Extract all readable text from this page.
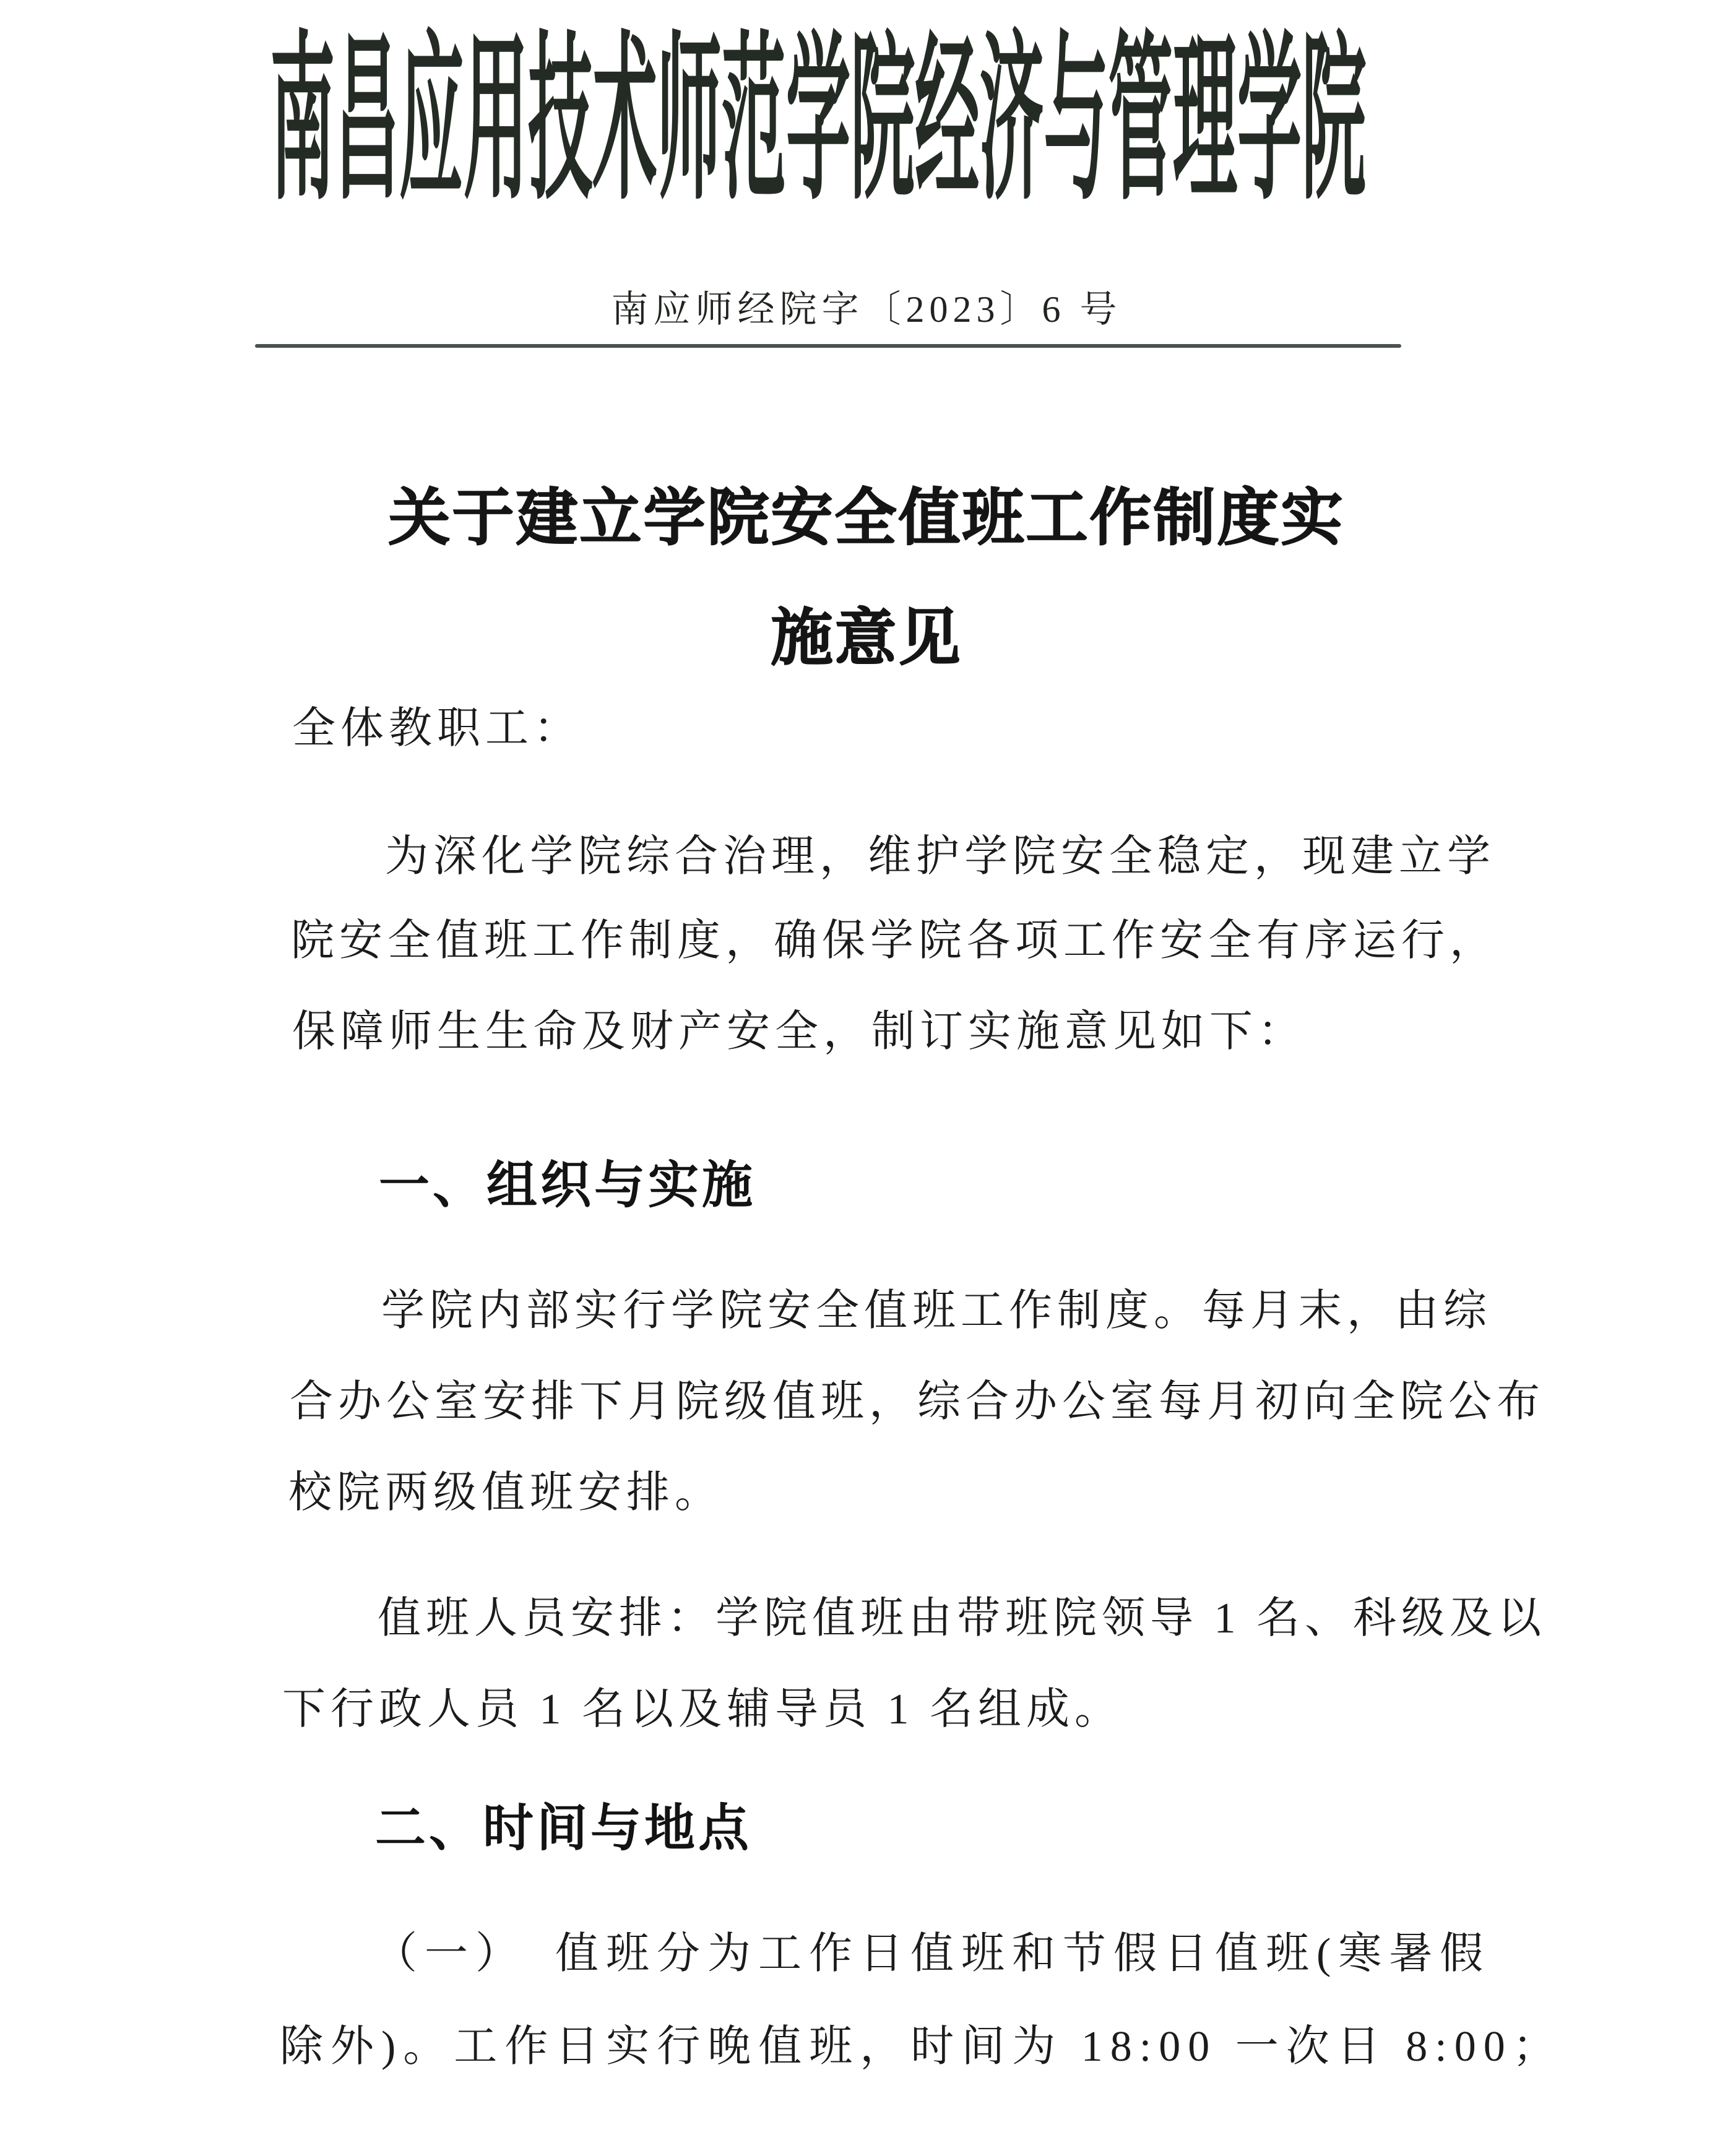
南昌应用技术师范学院经济与管理学院
南应师经院字〔2023〕6 号
关于建立学院安全值班工作制度实
施意见
全体教职工：
为深化学院综合治理，维护学院安全稳定，现建立学
院安全值班工作制度，确保学院各项工作安全有序运行，
保障师生生命及财产安全，制订实施意见如下：
一、组织与实施
学院内部实行学院安全值班工作制度。每月末，由综
合办公室安排下月院级值班，综合办公室每月初向全院公布
校院两级值班安排。
值班人员安排：学院值班由带班院领导 1 名、科级及以
下行政人员 1 名以及辅导员 1 名组成。
二、时间与地点
（一）　值班分为工作日值班和节假日值班(寒暑假
除外)。工作日实行晚值班，时间为 18:00 一次日 8:00；
